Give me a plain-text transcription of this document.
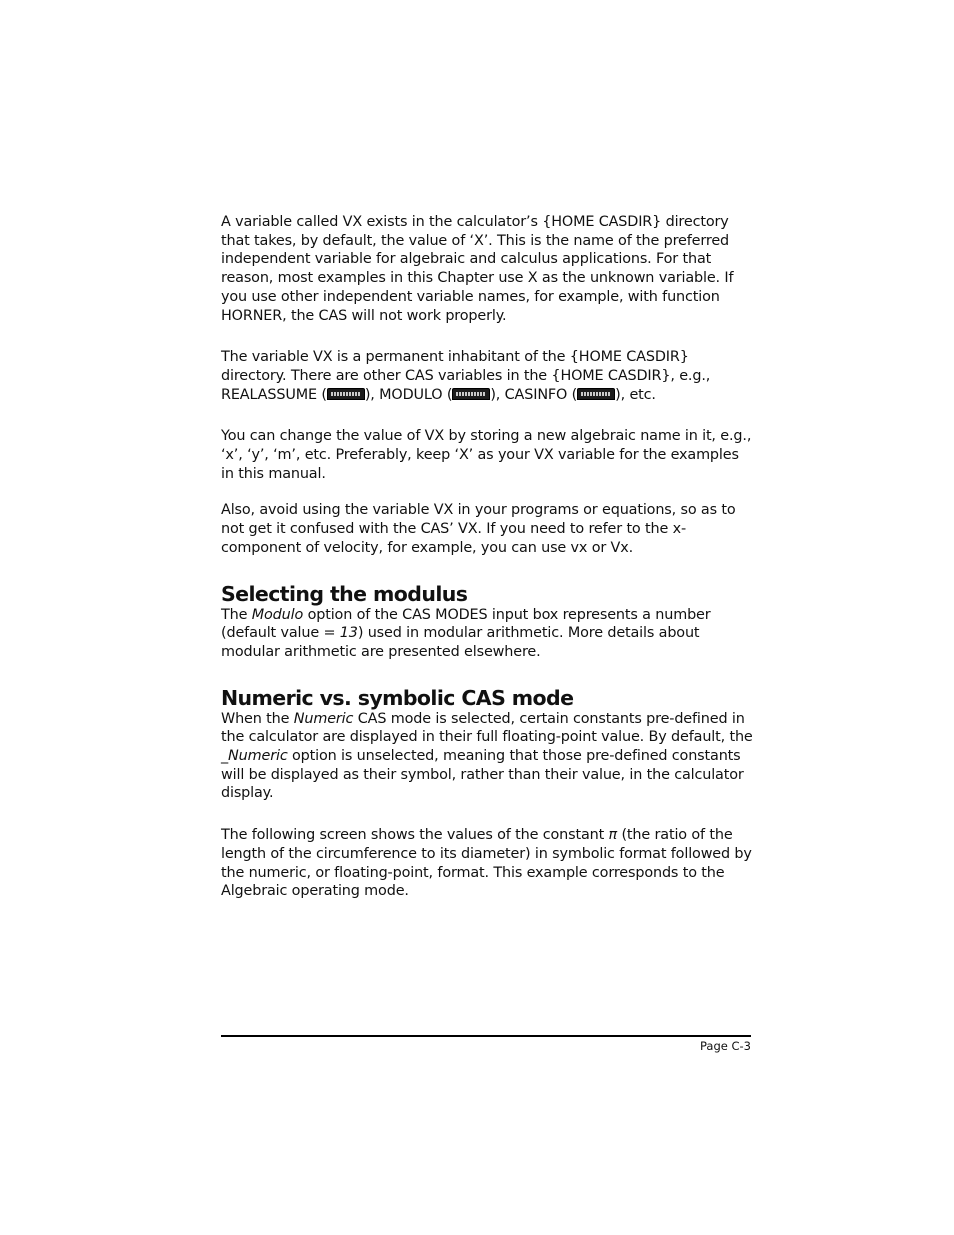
A variable called VX exists in the calculator’s {HOME CASDIR} directory that takes, by default, the value of ‘X’. This is the name of the preferred independent variable for algebraic and calculus applications. For that reason, most examples in this Chapter use X as the unknown variable. If you use other independent variable names, for example, with function HORNER, the CAS will not work properly.

The variable VX is a permanent inhabitant of the {HOME CASDIR} directory. There are other CAS variables in the {HOME CASDIR}, e.g., REALASSUME (	), MODULO (	), CASINFO (	), etc.

You can change the value of VX by storing a new algebraic name in it, e.g., ‘x’, ‘y’, ‘m’, etc. Preferably, keep ‘X’ as your VX variable for the examples in this manual.

Also, avoid using the variable VX in your programs or equations, so as to not get it confused with the CAS’ VX. If you need to refer to the x-component of velocity, for example, you can use vx or Vx.

Selecting the modulus

The Modulo option of the CAS MODES input box represents a number (default value = 13) used in modular arithmetic. More details about modular arithmetic are presented elsewhere.

Numeric vs. symbolic CAS mode

When the Numeric CAS mode is selected, certain constants pre-defined in the calculator are displayed in their full floating-point value. By default, the _Numeric option is unselected, meaning that those pre-defined constants will be displayed as their symbol, rather than their value, in the calculator display.

The following screen shows the values of the constant π (the ratio of the length of the circumference to its diameter) in symbolic format followed by the numeric, or floating-point, format. This example corresponds to the Algebraic operating mode.

Page C-3
